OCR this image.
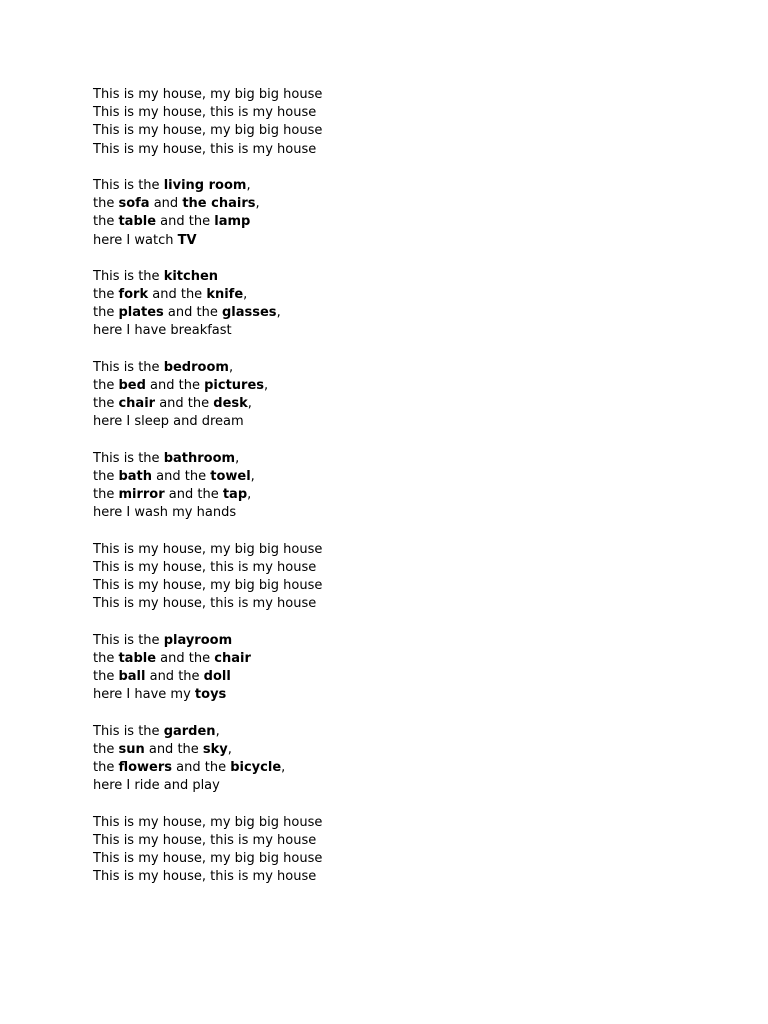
This is my house, my big big house
This is my house, this is my house
This is my house, my big big house
This is my house, this is my house
This is the living room,
the sofa and the chairs,
the table and the lamp
here I watch TV
This is the kitchen
the fork and the knife,
the plates and the glasses,
here I have breakfast
This is the bedroom,
the bed and the pictures,
the chair and the desk,
here I sleep and dream
This is the bathroom,
the bath and the towel,
the mirror and the tap,
here I wash my hands
This is my house, my big big house
This is my house, this is my house
This is my house, my big big house
This is my house, this is my house
This is the playroom
the table and the chair
the ball and the doll
here I have my toys
This is the garden,
the sun and the sky,
the flowers and the bicycle,
here I ride and play
This is my house, my big big house
This is my house, this is my house
This is my house, my big big house
This is my house, this is my house
